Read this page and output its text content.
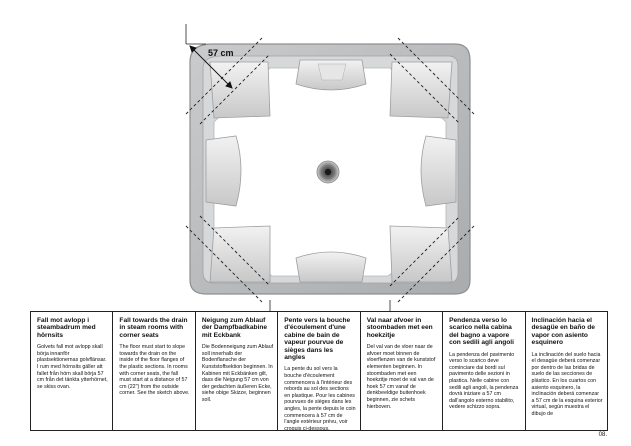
57 cm
Fall mot avlopp i steambadrum med hörnsits

Golvets fall mot avlopp skall börja innanför plastsektionernas golvflänsar. I rum med hörnsits gäller att fallet från hörn skall börja 57 cm från det tänkta ytterhörnet, se skiss ovan.

Fall towards the drain in steam rooms with corner seats

The floor must start to slope towards the drain on the inside of the floor flanges of the plastic sections. In rooms with corner seats, the fall must start at a distance of 57 cm (22") from the outside corner. See the sketch above.

Neigung zum Ablauf der Dampfbadkabine mit Eckbank

Die Bodenneigung zum Ablauf soll innerhalb der Bodenflansche der Kunststoffsektion beginnen. In Kabinen mit Eckbänken gilt, dass die Neigung 57 cm von der gedachten äußeren Ecke, siehe obige Skizze, beginnen soll.

Pente vers la bouche d'écoulement d'une cabine de bain de vapeur pourvue de sièges dans les angles

La pente du sol vers la bouche d'écoulement commencera à l'intérieur des rebords au sol des sections en plastique. Pour les cabines pourvues de sièges dans les angles, la pente depuis le coin commencera à 57 cm de l'angle extérieur prévu, voir croquis ci-dessous.

Val naar afvoer in stoombaden met een hoekzitje

Del val van de vloer naar de afvoer moet binnen de vloerflenzen van de kunststof elementen beginnen. In stoombaden met een hoekzitje moet de val van de hoek 57 cm vanaf de denkbeeldige buitenhoek beginnen, zie schets hierboven.

Pendenza verso lo scarico nella cabina del bagno a vapore con sedili agli angoli

La pendenza del pavimento verso lo scarico deve cominciare dai bordi sul pavimento delle sezioni in plastica. Nelle cabine con sedili agli angoli, la pendenza dovrà iniziare a 57 cm dall'angolo esterno stabilito, vedere schizzo sopra.

Inclinación hacia el desagüe en baño de vapor con asiento esquinero

La inclinación del suelo hacia el desagüe deberá comenzar por dentro de las bridas de suelo de las secciones de plástico. En los cuartos con asiento esquinero, la inclinación deberá comenzar a 57 cm de la esquina exterior virtual, según muestra el dibujo de

08.
